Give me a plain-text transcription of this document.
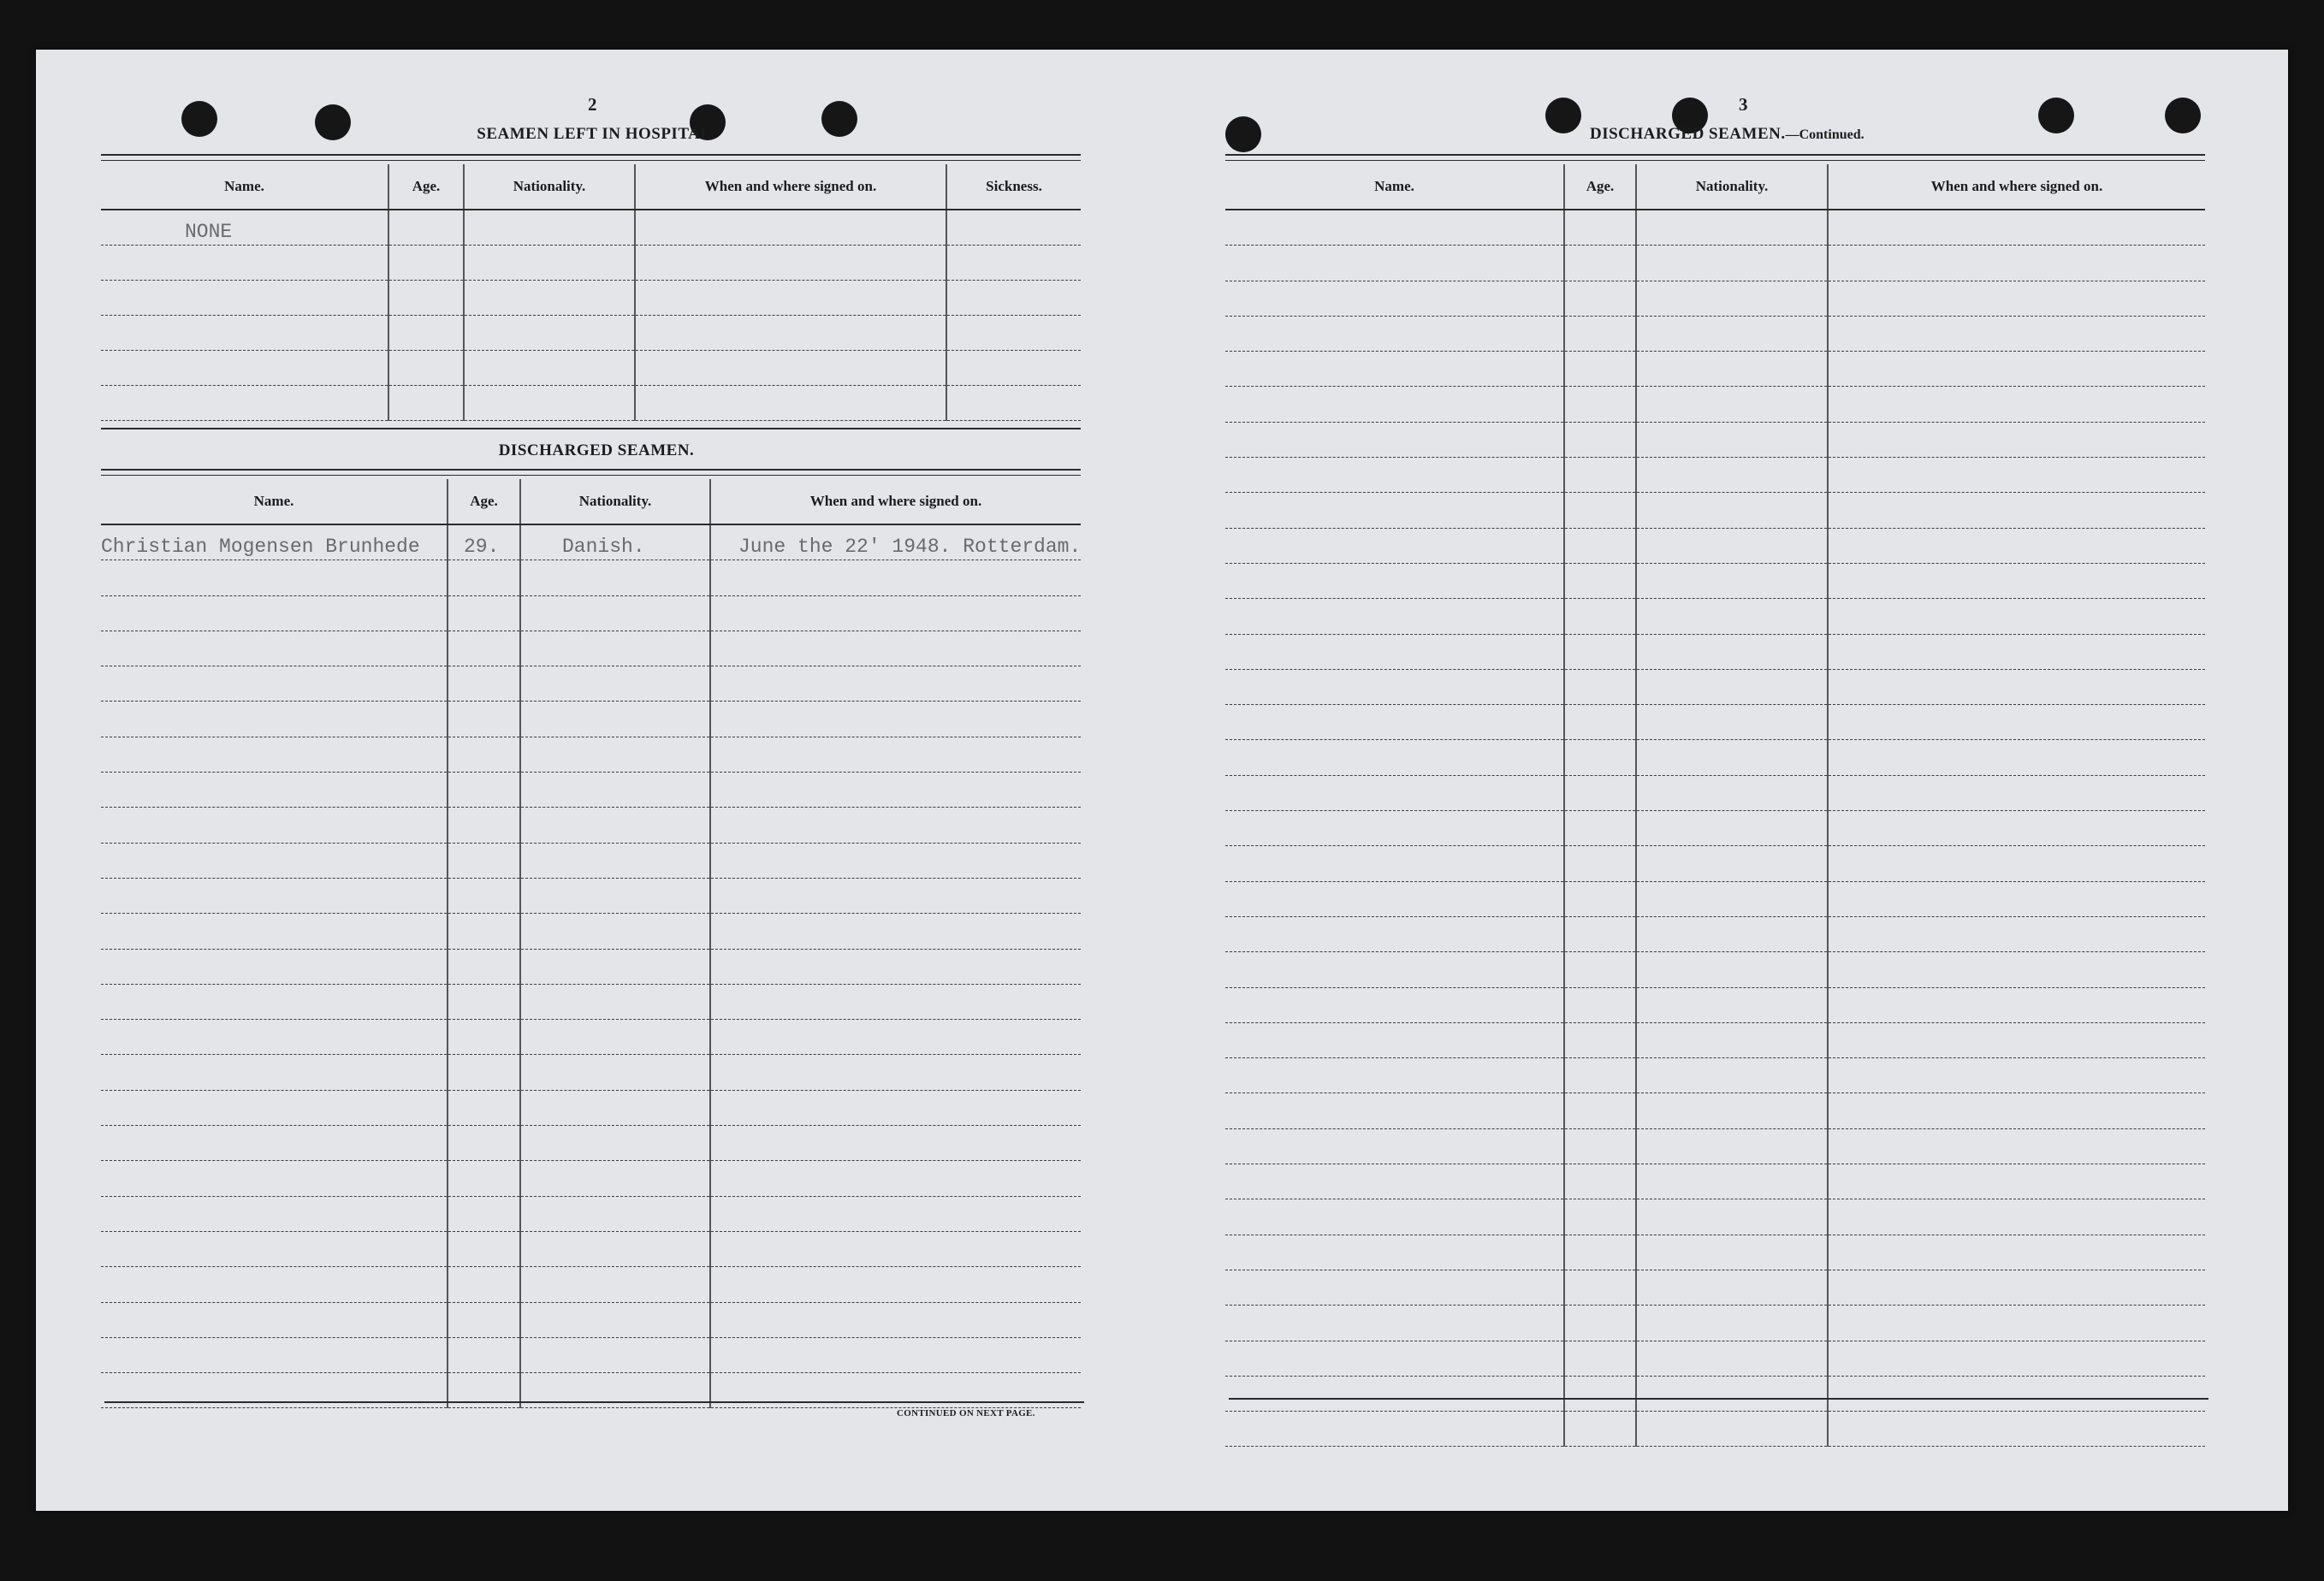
2
SEAMEN LEFT IN HOSPITAL.
Name.	Age.	Nationality.	When and where signed on.	Sickness.
NONE				

DISCHARGED SEAMEN.
Name.	Age.	Nationality.	When and where signed on.
Christian Mogensen Brunhede	29.	Danish.	June the 22' 1948. Rotterdam.

CONTINUED ON NEXT PAGE.
3
DISCHARGED SEAMEN.—Continued.
Name.	Age.	Nationality.	When and where signed on.
